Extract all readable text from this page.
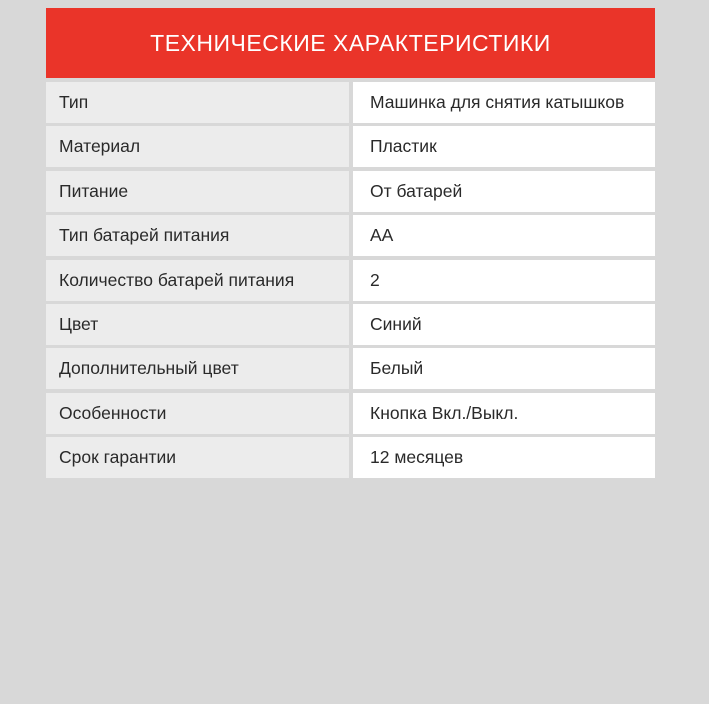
ТЕХНИЧЕСКИЕ ХАРАКТЕРИСТИКИ
Тип	Машинка для снятия катышков
Материал	Пластик
Питание	От батарей
Тип батарей питания	AA
Количество батарей питания	2
Цвет	Синий
Дополнительный цвет	Белый
Особенности	Кнопка Вкл./Выкл.
Срок гарантии	12 месяцев
